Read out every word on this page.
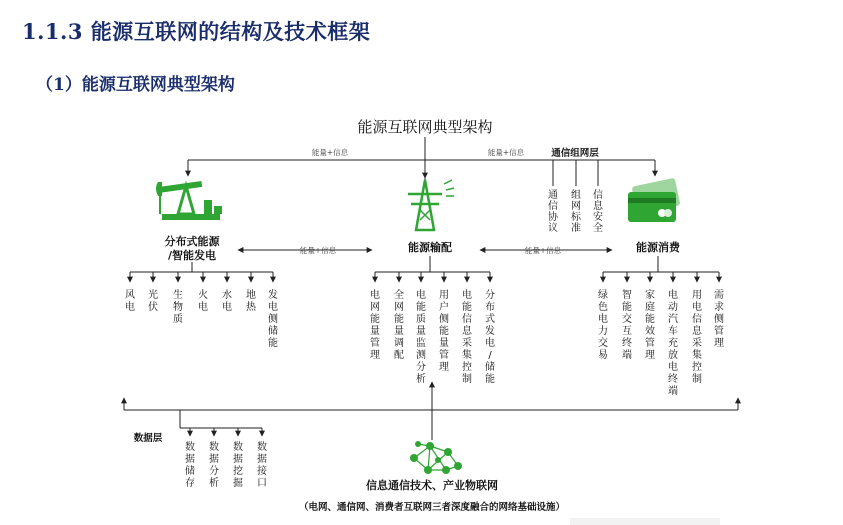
1.1.3 能源互联网的结构及技术框架
（1）能源互联网典型架构
能源互联网典型架构
能量+信息	能量+信息	通信组网层
通信协议
组网标准
信息安全
分布式能源
/智能发电
能源输配	能源消费
能量+信息	能量+信息
风电
光伏
生物质
火电
水电
地热
发电侧储能
电网能量管理
全网能量调配
电能质量监测分析
用户侧能量管理
电能信息采集控制
分布式发电/储能
绿色电力交易
智能交互终端
家庭能效管理
电动汽车充放电终端
用电信息采集控制
需求侧管理
数据层
数据储存
数据分析
数据挖掘
数据接口	信息通信技术、产业物联网
（电网、通信网、消费者互联网三者深度融合的网络基础设施）
